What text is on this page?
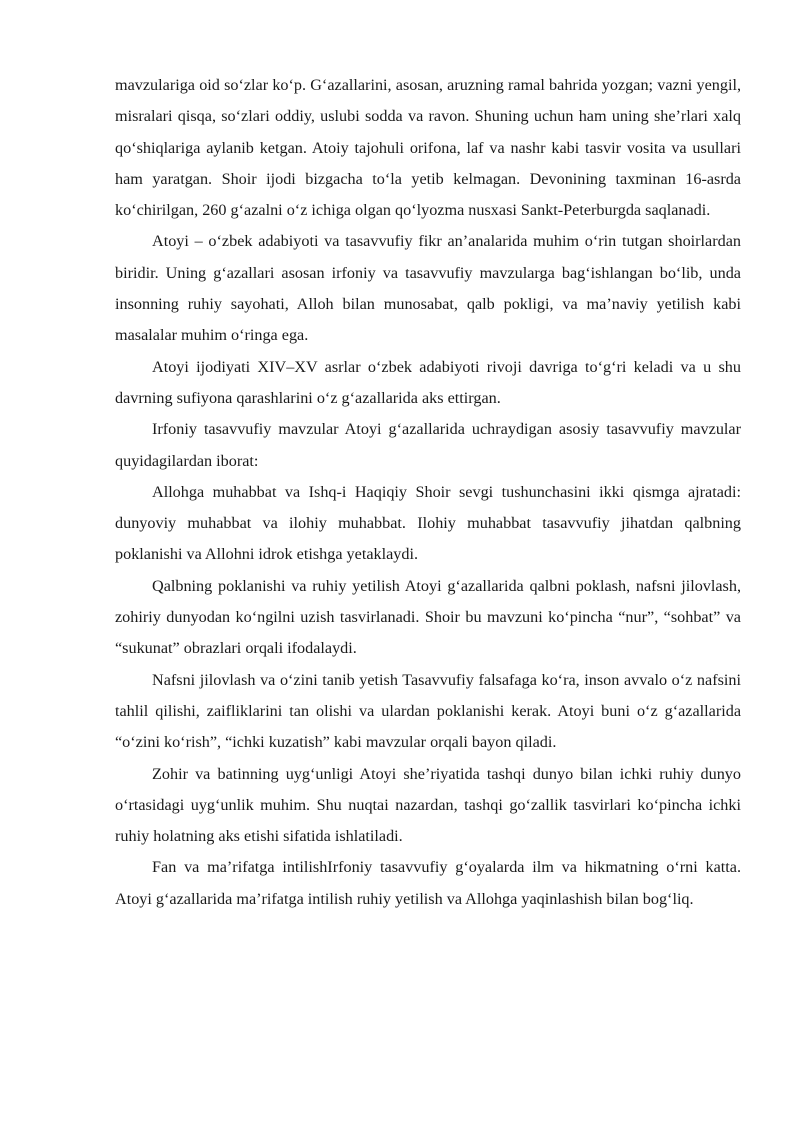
mavzulariga oid so‘zlar ko‘p. G‘azallarini, asosan, aruzning ramal bahrida yozgan; vazni yengil, misralari qisqa, so‘zlari oddiy, uslubi sodda va ravon. Shuning uchun ham uning she’rlari xalq qo‘shiqlariga aylanib ketgan. Atoiy tajohuli orifona, laf va nashr kabi tasvir vosita va usullari ham yaratgan. Shoir ijodi bizgacha to‘la yetib kelmagan. Devonining taxminan 16-asrda ko‘chirilgan, 260 g‘azalni o‘z ichiga olgan qo‘lyozma nusxasi Sankt-Peterburgda saqlanadi.

Atoyi – o‘zbek adabiyoti va tasavvufiy fikr an’analarida muhim o‘rin tutgan shoirlardan biridir. Uning g‘azallari asosan irfoniy va tasavvufiy mavzularga bag‘ishlangan bo‘lib, unda insonning ruhiy sayohati, Alloh bilan munosabat, qalb pokligi, va ma’naviy yetilish kabi masalalar muhim o‘ringa ega.

Atoyi ijodiyati XIV–XV asrlar o‘zbek adabiyoti rivoji davriga to‘g‘ri keladi va u shu davrning sufiyona qarashlarini o‘z g‘azallarida aks ettirgan.

Irfoniy tasavvufiy mavzular Atoyi g‘azallarida uchraydigan asosiy tasavvufiy mavzular quyidagilardan iborat:

Allohga muhabbat va Ishq-i Haqiqiy Shoir sevgi tushunchasini ikki qismga ajratadi: dunyoviy muhabbat va ilohiy muhabbat. Ilohiy muhabbat tasavvufiy jihatdan qalbning poklanishi va Allohni idrok etishga yetaklaydi.

Qalbning poklanishi va ruhiy yetilish Atoyi g‘azallarida qalbni poklash, nafsni jilovlash, zohiriy dunyodan ko‘ngilni uzish tasvirlanadi. Shoir bu mavzuni ko‘pincha “nur”, “sohbat” va “sukunat” obrazlari orqali ifodalaydi.

Nafsni jilovlash va o‘zini tanib yetish Tasavvufiy falsafaga ko‘ra, inson avvalo o‘z nafsini tahlil qilishi, zaifliklarini tan olishi va ulardan poklanishi kerak. Atoyi buni o‘z g‘azallarida “o‘zini ko‘rish”, “ichki kuzatish” kabi mavzular orqali bayon qiladi.

Zohir va batinning uyg‘unligi Atoyi she’riyatida tashqi dunyo bilan ichki ruhiy dunyo o‘rtasidagi uyg‘unlik muhim. Shu nuqtai nazardan, tashqi go‘zallik tasvirlari ko‘pincha ichki ruhiy holatning aks etishi sifatida ishlatiladi.

Fan va ma’rifatga intilishIrfoniy tasavvufiy g‘oyalarda ilm va hikmatning o‘rni katta. Atoyi g‘azallarida ma’rifatga intilish ruhiy yetilish va Allohga yaqinlashish bilan bog‘liq.
